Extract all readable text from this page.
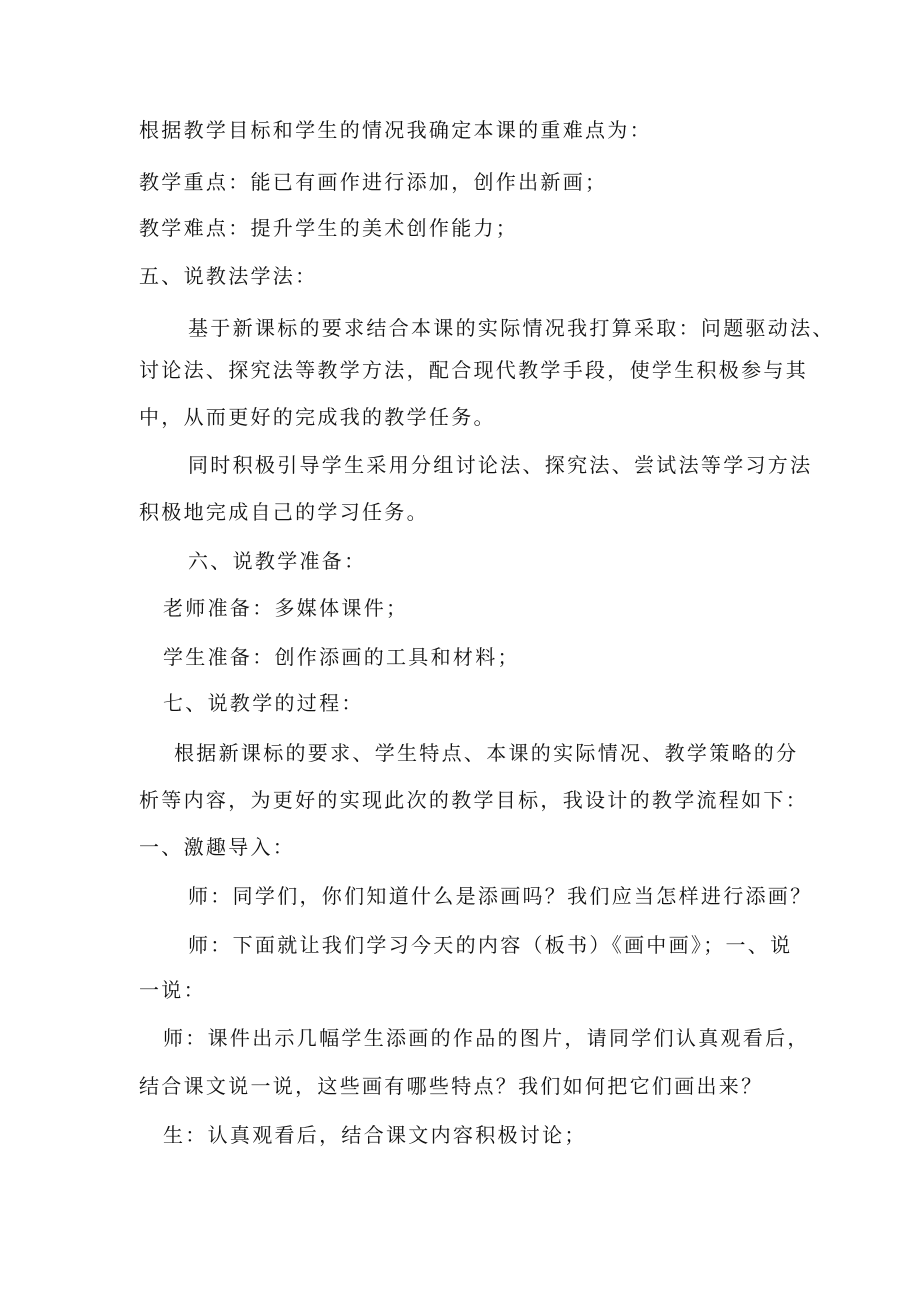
根据教学目标和学生的情况我确定本课的重难点为：

教学重点：能已有画作进行添加，创作出新画；

教学难点：提升学生的美术创作能力；

五、说教法学法：

基于新课标的要求结合本课的实际情况我打算采取：问题驱动法、

讨论法、探究法等教学方法，配合现代教学手段，使学生积极参与其

中，从而更好的完成我的教学任务。

同时积极引导学生采用分组讨论法、探究法、尝试法等学习方法

积极地完成自己的学习任务。

六、说教学准备：

老师准备：多媒体课件；

学生准备：创作添画的工具和材料；

七、说教学的过程：

根据新课标的要求、学生特点、本课的实际情况、教学策略的分

析等内容，为更好的实现此次的教学目标，我设计的教学流程如下：

一、激趣导入：

师：同学们，你们知道什么是添画吗？我们应当怎样进行添画？

师：下面就让我们学习今天的内容（板书）《画中画》；一、说

一说：

师：课件出示几幅学生添画的作品的图片，请同学们认真观看后，

结合课文说一说，这些画有哪些特点？我们如何把它们画出来？

生：认真观看后，结合课文内容积极讨论；
